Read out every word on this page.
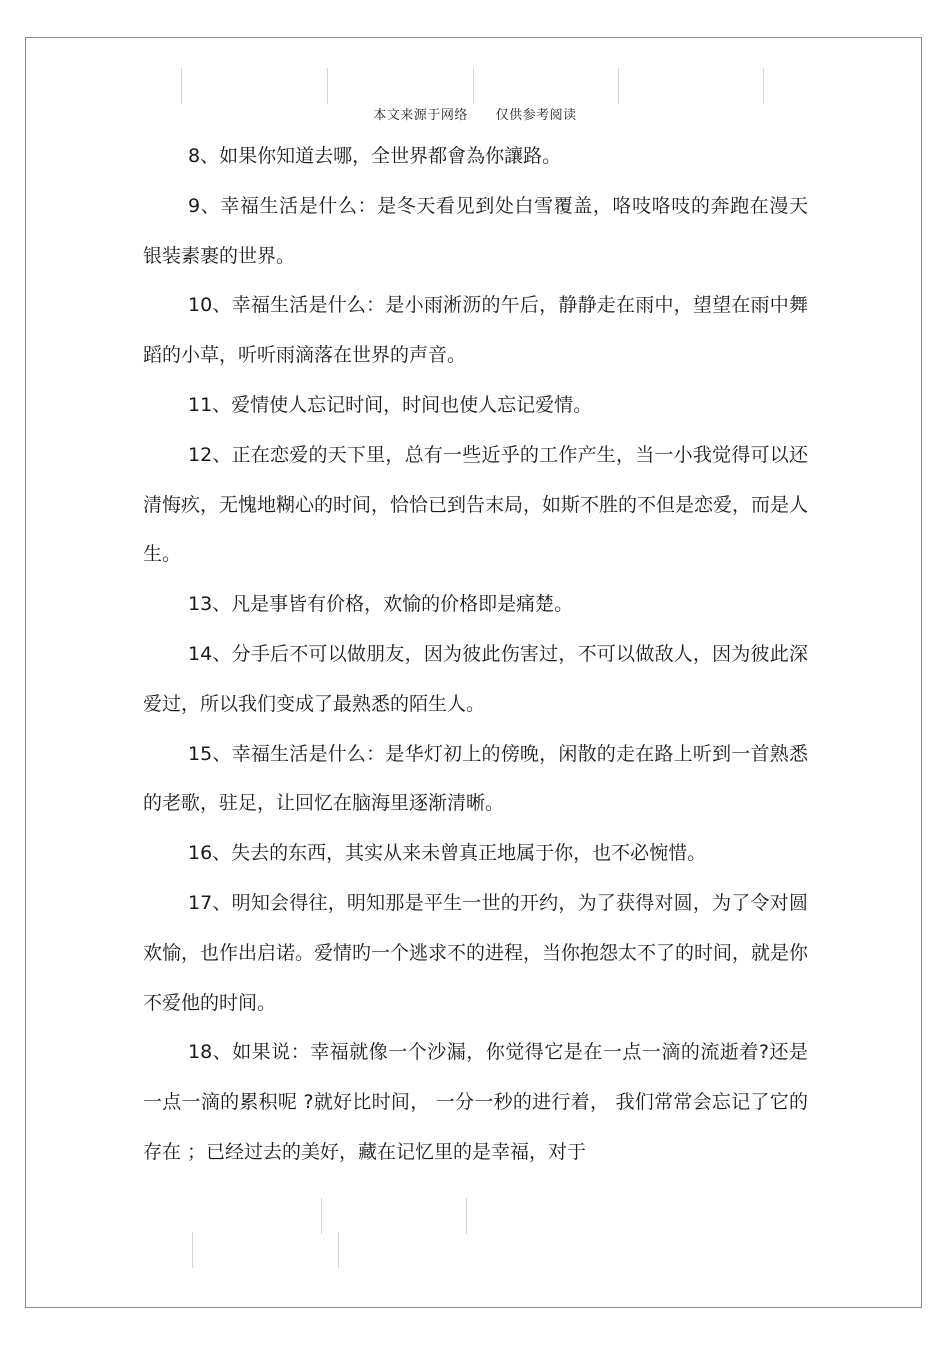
本文来源于网络      仅供参考阅读

8、如果你知道去哪，全世界都會為你讓路。

9、幸福生活是什么：是冬天看见到处白雪覆盖，咯吱咯吱的奔跑在漫天银装素裹的世界。

10、幸福生活是什么：是小雨淅沥的午后，静静走在雨中，望望在雨中舞蹈的小草，听听雨滴落在世界的声音。

11、爱情使人忘记时间，时间也使人忘记爱情。

12、正在恋爱的天下里，总有一些近乎的工作产生，当一小我觉得可以还清悔疚，无愧地糊心的时间，恰恰已到告末局，如斯不胜的不但是恋爱，而是人生。

13、凡是事皆有价格，欢愉的价格即是痛楚。

14、分手后不可以做朋友，因为彼此伤害过，不可以做敌人，因为彼此深爱过，所以我们变成了最熟悉的陌生人。

15、幸福生活是什么：是华灯初上的傍晚，闲散的走在路上听到一首熟悉的老歌，驻足，让回忆在脑海里逐渐清晰。

16、失去的东西，其实从来未曾真正地属于你，也不必惋惜。

17、明知会得往，明知那是平生一世的开约，为了获得对圆，为了令对圆欢愉，也作出启诺。爱情旳一个逃求不的进程，当你抱怨太不了的时间，就是你不爱他的时间。

18、如果说：幸福就像一个沙漏，你觉得它是在一点一滴的流逝着?还是一点一滴的累积呢 ?就好比时间， 一分一秒的进行着， 我们常常会忘记了它的存在 ；已经过去的美好，藏在记忆里的是幸福，对于
